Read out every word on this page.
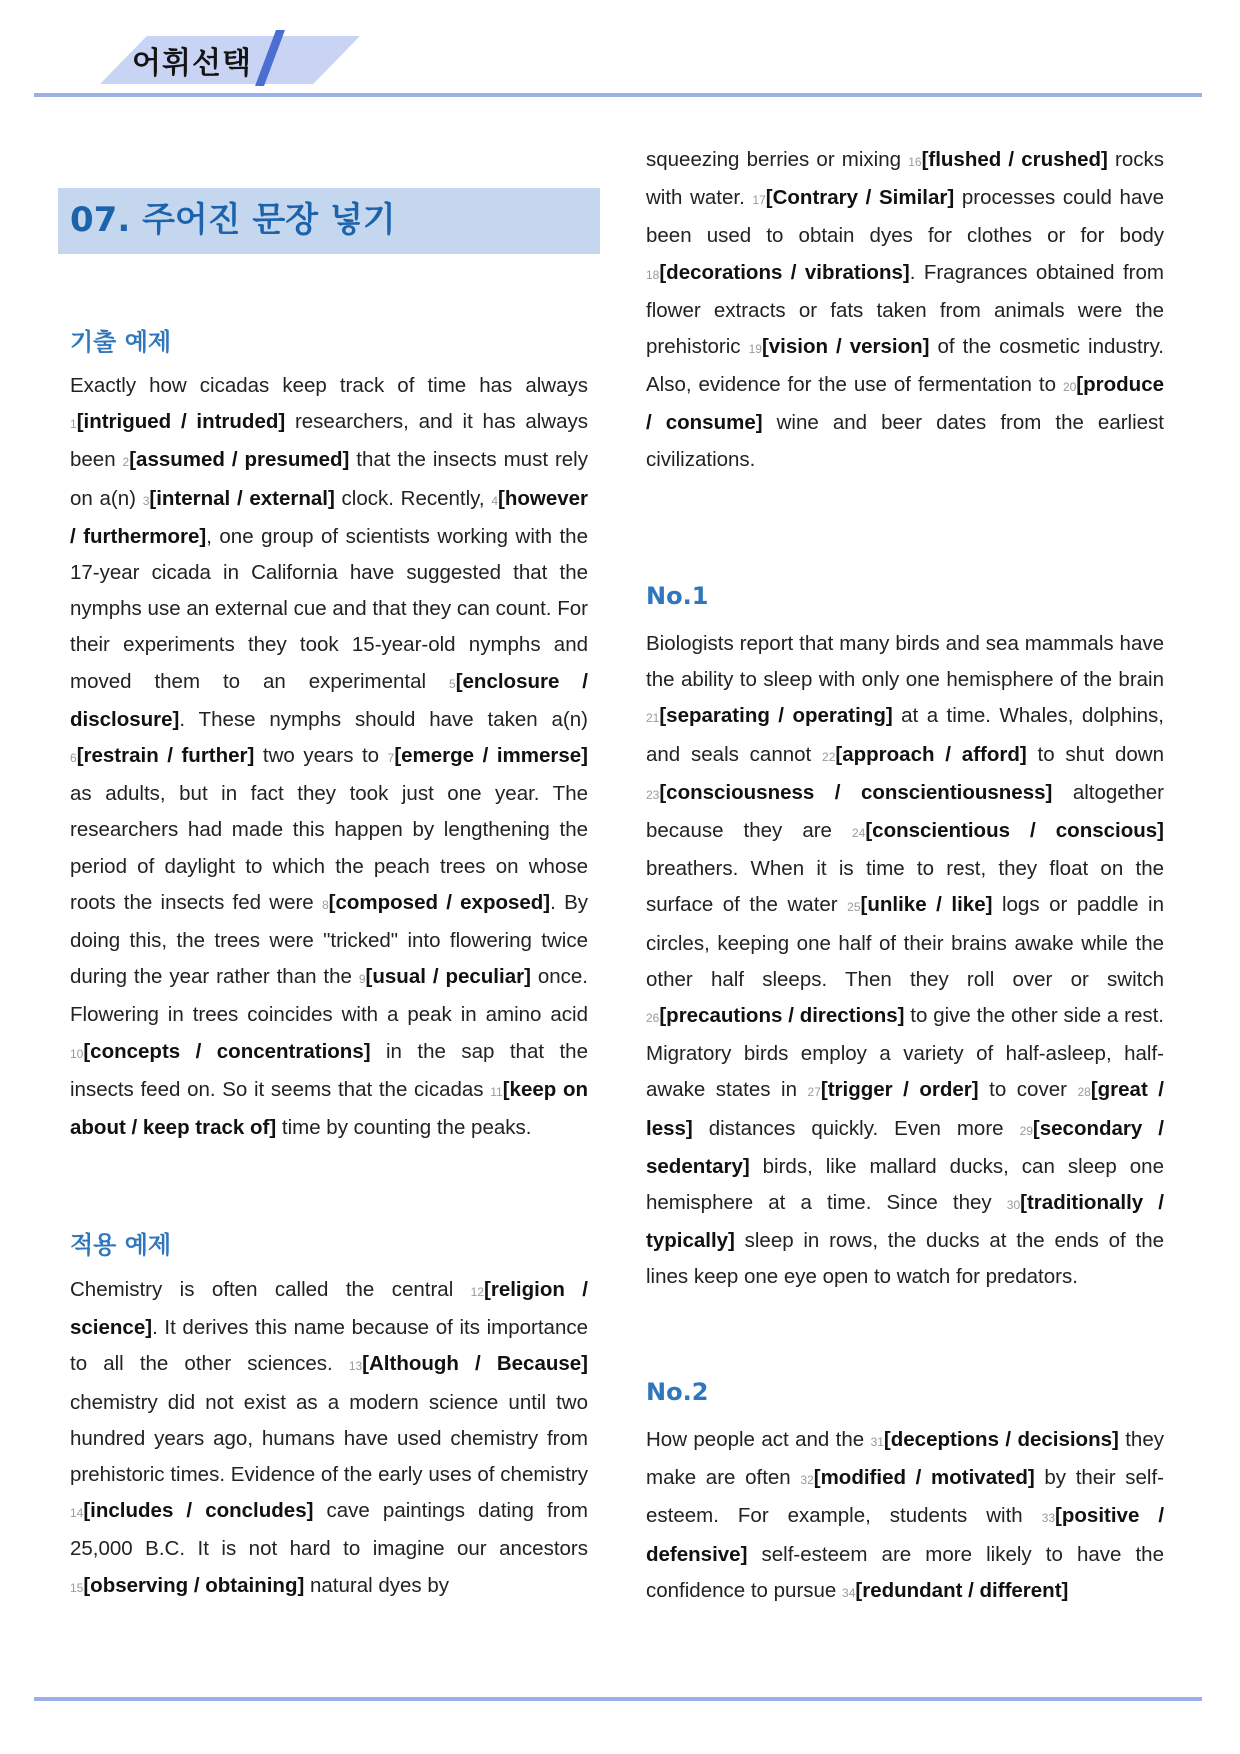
어휘선택
07. 주어진 문장 넣기
기출 예제

Exactly how cicadas keep track of time has always 1[intrigued / intruded] researchers, and it has always been 2[assumed / presumed] that the insects must rely on a(n) 3[internal / external] clock. Recently, 4[however / furthermore], one group of scientists working with the 17-year cicada in California have suggested that the nymphs use an external cue and that they can count. For their experiments they took 15-year-old nymphs and moved them to an experimental 5[enclosure / disclosure]. These nymphs should have taken a(n) 6[restrain / further] two years to 7[emerge / immerse] as adults, but in fact they took just one year. The researchers had made this happen by lengthening the period of daylight to which the peach trees on whose roots the insects fed were 8[composed / exposed]. By doing this, the trees were "tricked" into flowering twice during the year rather than the 9[usual / peculiar] once. Flowering in trees coincides with a peak in amino acid 10[concepts / concentrations] in the sap that the insects feed on. So it seems that the cicadas 11[keep on about / keep track of] time by counting the peaks.

적용 예제

Chemistry is often called the central 12[religion / science]. It derives this name because of its importance to all the other sciences. 13[Although / Because] chemistry did not exist as a modern science until two hundred years ago, humans have used chemistry from prehistoric times. Evidence of the early uses of chemistry 14[includes / concludes] cave paintings dating from 25,000 B.C. It is not hard to imagine our ancestors 15[observing / obtaining] natural dyes by

squeezing berries or mixing 16[flushed / crushed] rocks with water. 17[Contrary / Similar] processes could have been used to obtain dyes for clothes or for body 18[decorations / vibrations]. Fragrances obtained from flower extracts or fats taken from animals were the prehistoric 19[vision / version] of the cosmetic industry. Also, evidence for the use of fermentation to 20[produce / consume] wine and beer dates from the earliest civilizations.

No.1

Biologists report that many birds and sea mammals have the ability to sleep with only one hemisphere of the brain 21[separating / operating] at a time. Whales, dolphins, and seals cannot 22[approach / afford] to shut down 23[consciousness / conscientiousness] altogether because they are 24[conscientious / conscious] breathers. When it is time to rest, they float on the surface of the water 25[unlike / like] logs or paddle in circles, keeping one half of their brains awake while the other half sleeps. Then they roll over or switch 26[precautions / directions] to give the other side a rest. Migratory birds employ a variety of half-asleep, half-awake states in 27[trigger / order] to cover 28[great / less] distances quickly. Even more 29[secondary / sedentary] birds, like mallard ducks, can sleep one hemisphere at a time. Since they 30[traditionally / typically] sleep in rows, the ducks at the ends of the lines keep one eye open to watch for predators.

No.2

How people act and the 31[deceptions / decisions] they make are often 32[modified / motivated] by their self-esteem. For example, students with 33[positive / defensive] self-esteem are more likely to have the confidence to pursue 34[redundant / different]
